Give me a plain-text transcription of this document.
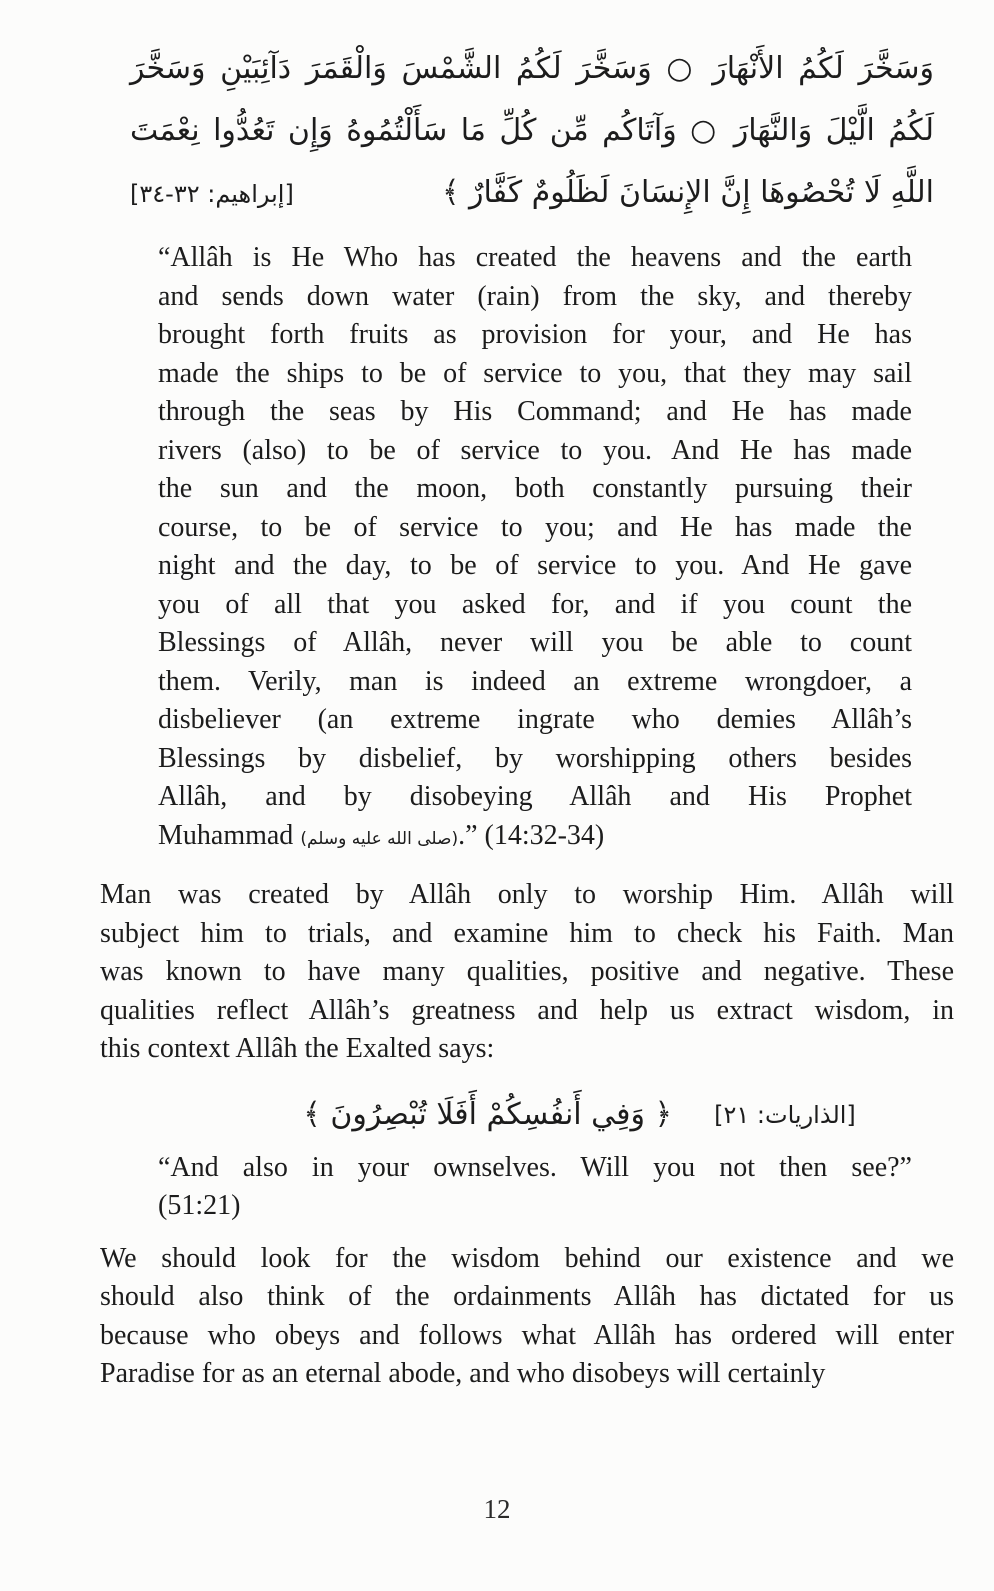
وَسَخَّرَ لَكُمُ الأَنْهَارَ ○ وَسَخَّرَ لَكُمُ الشَّمْسَ وَالْقَمَرَ دَآئِبَيْنِ وَسَخَّرَ
لَكُمُ الَّيْلَ وَالنَّهَارَ ○ وَآتَاكُم مِّن كُلِّ مَا سَأَلْتُمُوهُ وَإِن تَعُدُّوا نِعْمَتَ
[إبراهيم: ٣٢-٣٤]	اللَّهِ لَا تُحْصُوهَا إِنَّ الإِنسَانَ لَظَلُومٌ كَفَّارٌ ﴾
“Allâh is He Who has created the heavens and the earth
and sends down water (rain) from the sky, and thereby
brought forth fruits as provision for your, and He has
made the ships to be of service to you, that they may sail
through the seas by His Command; and He has made
rivers (also) to be of service to you. And He has made
the sun and the moon, both constantly pursuing their
course, to be of service to you; and He has made the
night and the day, to be of service to you. And He gave
you of all that you asked for, and if you count the
Blessings of Allâh, never will you be able to count
them. Verily, man is indeed an extreme wrongdoer, a
disbeliever (an extreme ingrate who demies Allâh’s
Blessings by disbelief, by worshipping others besides
Allâh, and by disobeying Allâh and His Prophet
Muhammad (صلى الله عليه وسلم).” (14:32-34)
Man was created by Allâh only to worship Him. Allâh will
subject him to trials, and examine him to check his Faith. Man
was known to have many qualities, positive and negative. These
qualities reflect Allâh’s greatness and help us extract wisdom, in
this context Allâh the Exalted says:
﴿ وَفِي أَنفُسِكُمْ أَفَلَا تُبْصِرُونَ ﴾ [الذاريات: ٢١]
“And also in your ownselves. Will you not then see?”
(51:21)
We should look for the wisdom behind our existence and we
should also think of the ordainments Allâh has dictated for us
because who obeys and follows what Allâh has ordered will enter
Paradise for as an eternal abode, and who disobeys will certainly
12
